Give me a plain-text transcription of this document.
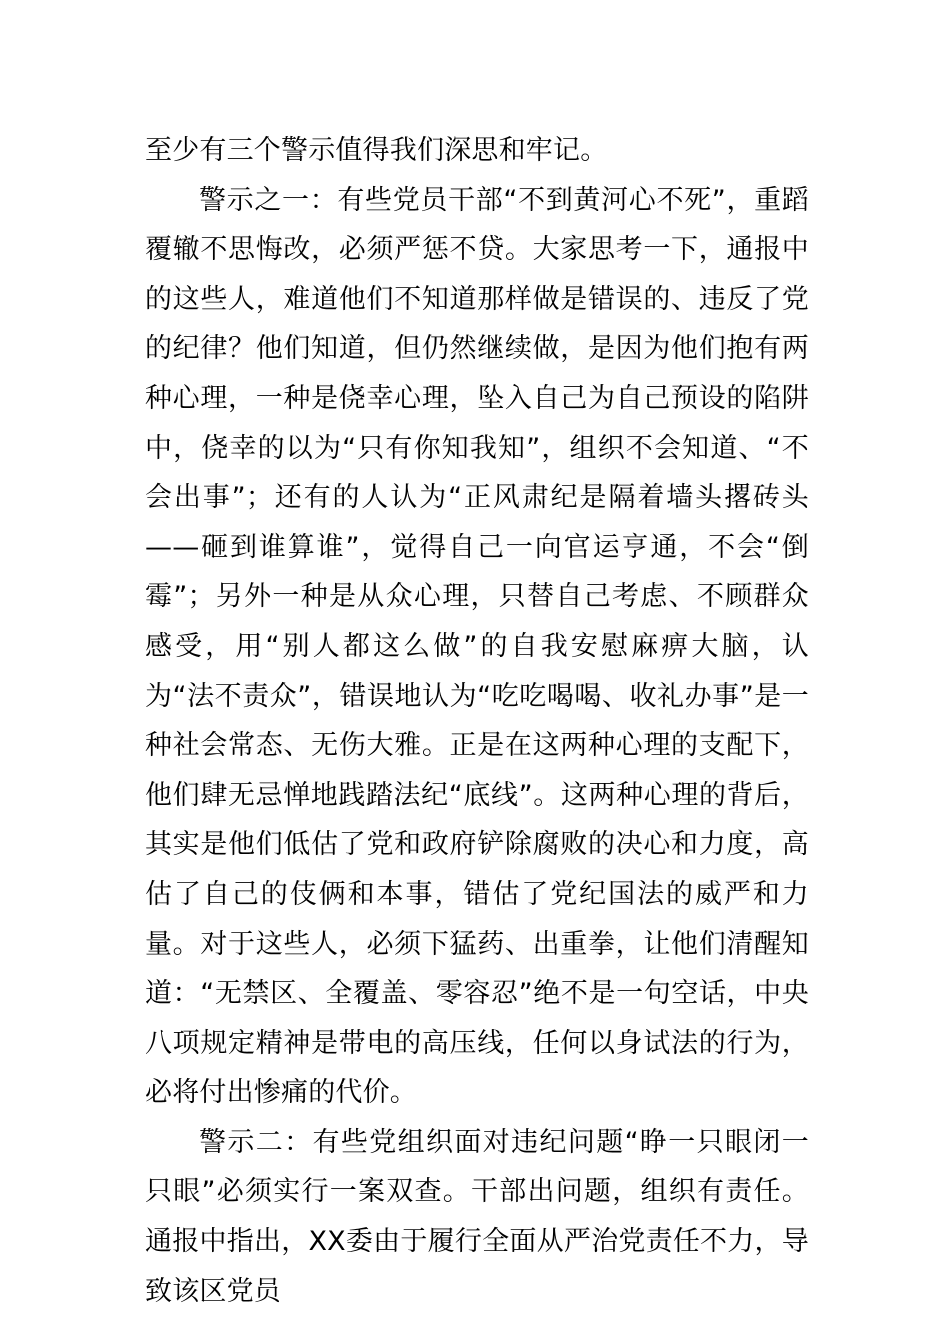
至少有三个警示值得我们深思和牢记。

警示之一：有些党员干部“不到黄河心不死”，重蹈覆辙不思悔改，必须严惩不贷。大家思考一下，通报中的这些人，难道他们不知道那样做是错误的、违反了党的纪律？他们知道，但仍然继续做，是因为他们抱有两种心理，一种是侥幸心理，坠入自己为自己预设的陷阱中，侥幸的以为“只有你知我知”，组织不会知道、“不会出事”；还有的人认为“正风肃纪是隔着墙头撂砖头——砸到谁算谁”，觉得自己一向官运亨通，不会“倒霉”；另外一种是从众心理，只替自己考虑、不顾群众感受，用“别人都这么做”的自我安慰麻痹大脑，认为“法不责众”，错误地认为“吃吃喝喝、收礼办事”是一种社会常态、无伤大雅。正是在这两种心理的支配下，他们肆无忌惮地践踏法纪“底线”。这两种心理的背后，其实是他们低估了党和政府铲除腐败的决心和力度，高估了自己的伎俩和本事，错估了党纪国法的威严和力量。对于这些人，必须下猛药、出重拳，让他们清醒知道：“无禁区、全覆盖、零容忍”绝不是一句空话，中央八项规定精神是带电的高压线，任何以身试法的行为，必将付出惨痛的代价。

警示二：有些党组织面对违纪问题“睁一只眼闭一只眼”必须实行一案双查。干部出问题，组织有责任。通报中指出，XX委由于履行全面从严治党责任不力，导致该区党员
